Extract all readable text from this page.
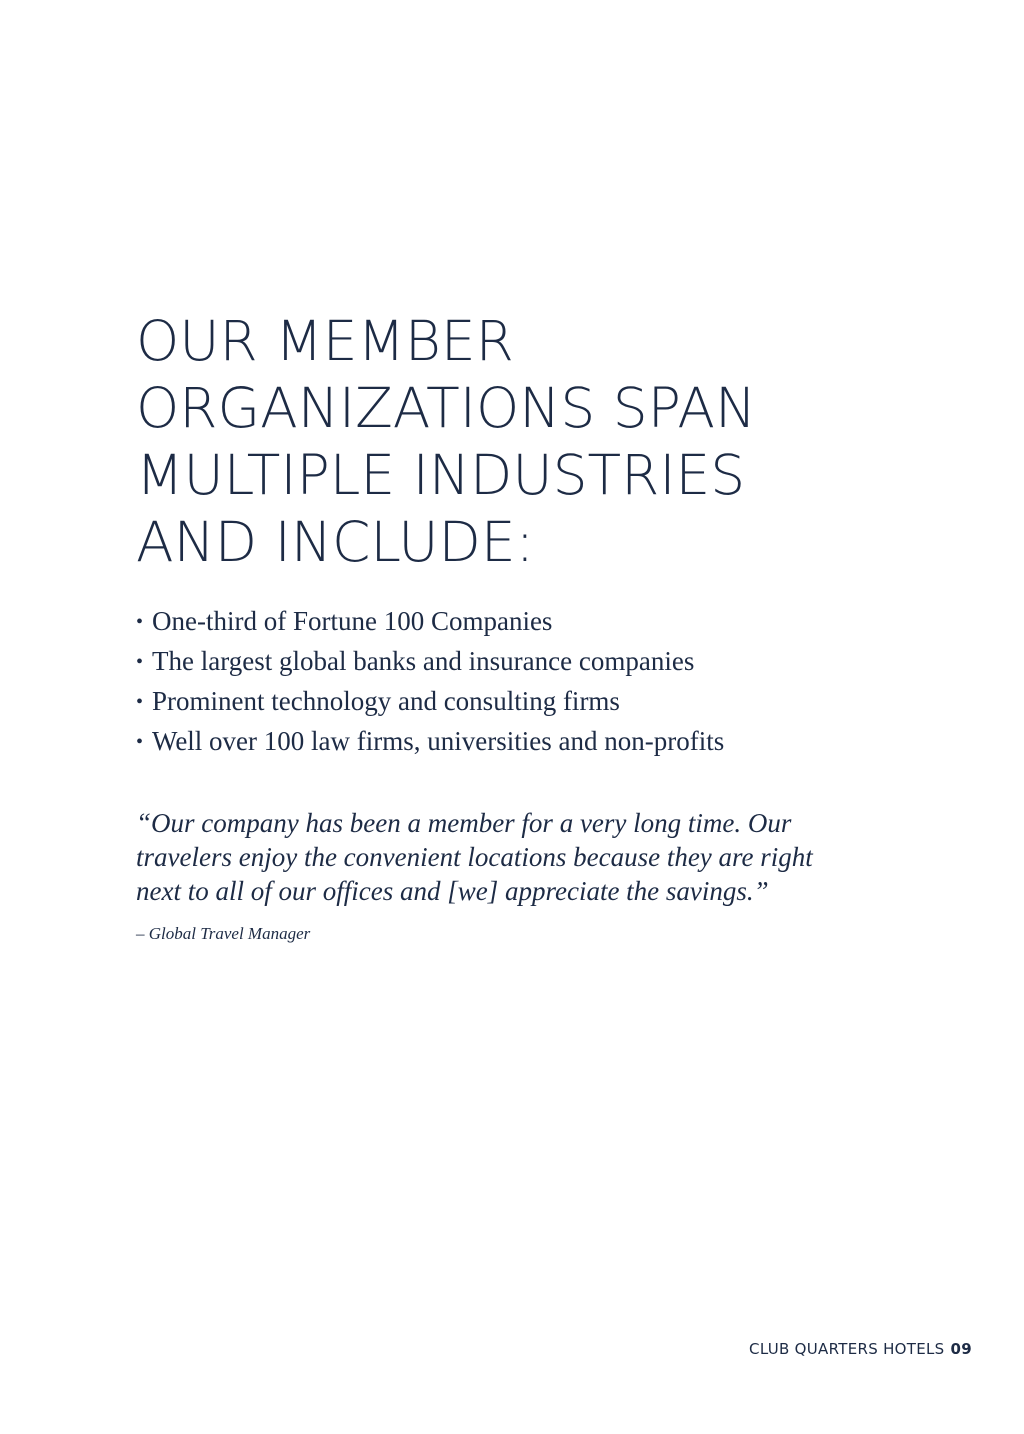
OUR MEMBER
ORGANIZATIONS SPAN
MULTIPLE INDUSTRIES
AND INCLUDE:
• One-third of Fortune 100 Companies
• The largest global banks and insurance companies
• Prominent technology and consulting firms
• Well over 100 law firms, universities and non-profits
“Our company has been a member for a very long time. Our
travelers enjoy the convenient locations because they are right
next to all of our offices and [we] appreciate the savings.”

– Global Travel Manager

CLUB QUARTERS HOTELS 09
